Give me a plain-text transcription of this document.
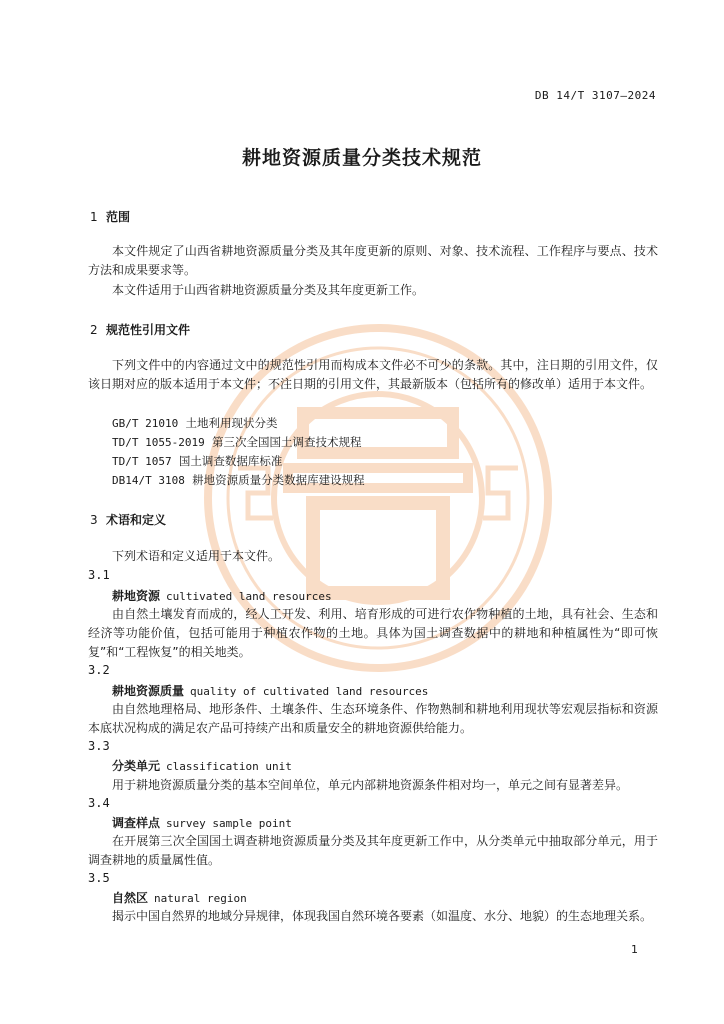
DB 14/T 3107—2024
耕地资源质量分类技术规范
1 范围
本文件规定了山西省耕地资源质量分类及其年度更新的原则、对象、技术流程、工作程序与要点、技术方法和成果要求等。
本文件适用于山西省耕地资源质量分类及其年度更新工作。
2 规范性引用文件
下列文件中的内容通过文中的规范性引用而构成本文件必不可少的条款。其中，注日期的引用文件，仅该日期对应的版本适用于本文件；不注日期的引用文件，其最新版本（包括所有的修改单）适用于本文件。
GB/T 21010 土地利用现状分类
TD/T 1055-2019 第三次全国国土调查技术规程
TD/T 1057 国土调查数据库标准
DB14/T 3108 耕地资源质量分类数据库建设规程
3 术语和定义
下列术语和定义适用于本文件。
3.1
耕地资源 cultivated land resources
由自然土壤发育而成的，经人工开发、利用、培育形成的可进行农作物种植的土地，具有社会、生态和经济等功能价值，包括可能用于种植农作物的土地。具体为国土调查数据中的耕地和种植属性为“即可恢复”和“工程恢复”的相关地类。
3.2
耕地资源质量 quality of cultivated land resources
由自然地理格局、地形条件、土壤条件、生态环境条件、作物熟制和耕地利用现状等宏观层指标和资源本底状况构成的满足农产品可持续产出和质量安全的耕地资源供给能力。
3.3
分类单元 classification unit
用于耕地资源质量分类的基本空间单位，单元内部耕地资源条件相对均一，单元之间有显著差异。
3.4
调查样点 survey sample point
在开展第三次全国国土调查耕地资源质量分类及其年度更新工作中，从分类单元中抽取部分单元，用于调查耕地的质量属性值。
3.5
自然区 natural region
揭示中国自然界的地域分异规律，体现我国自然环境各要素（如温度、水分、地貌）的生态地理关系。
1
